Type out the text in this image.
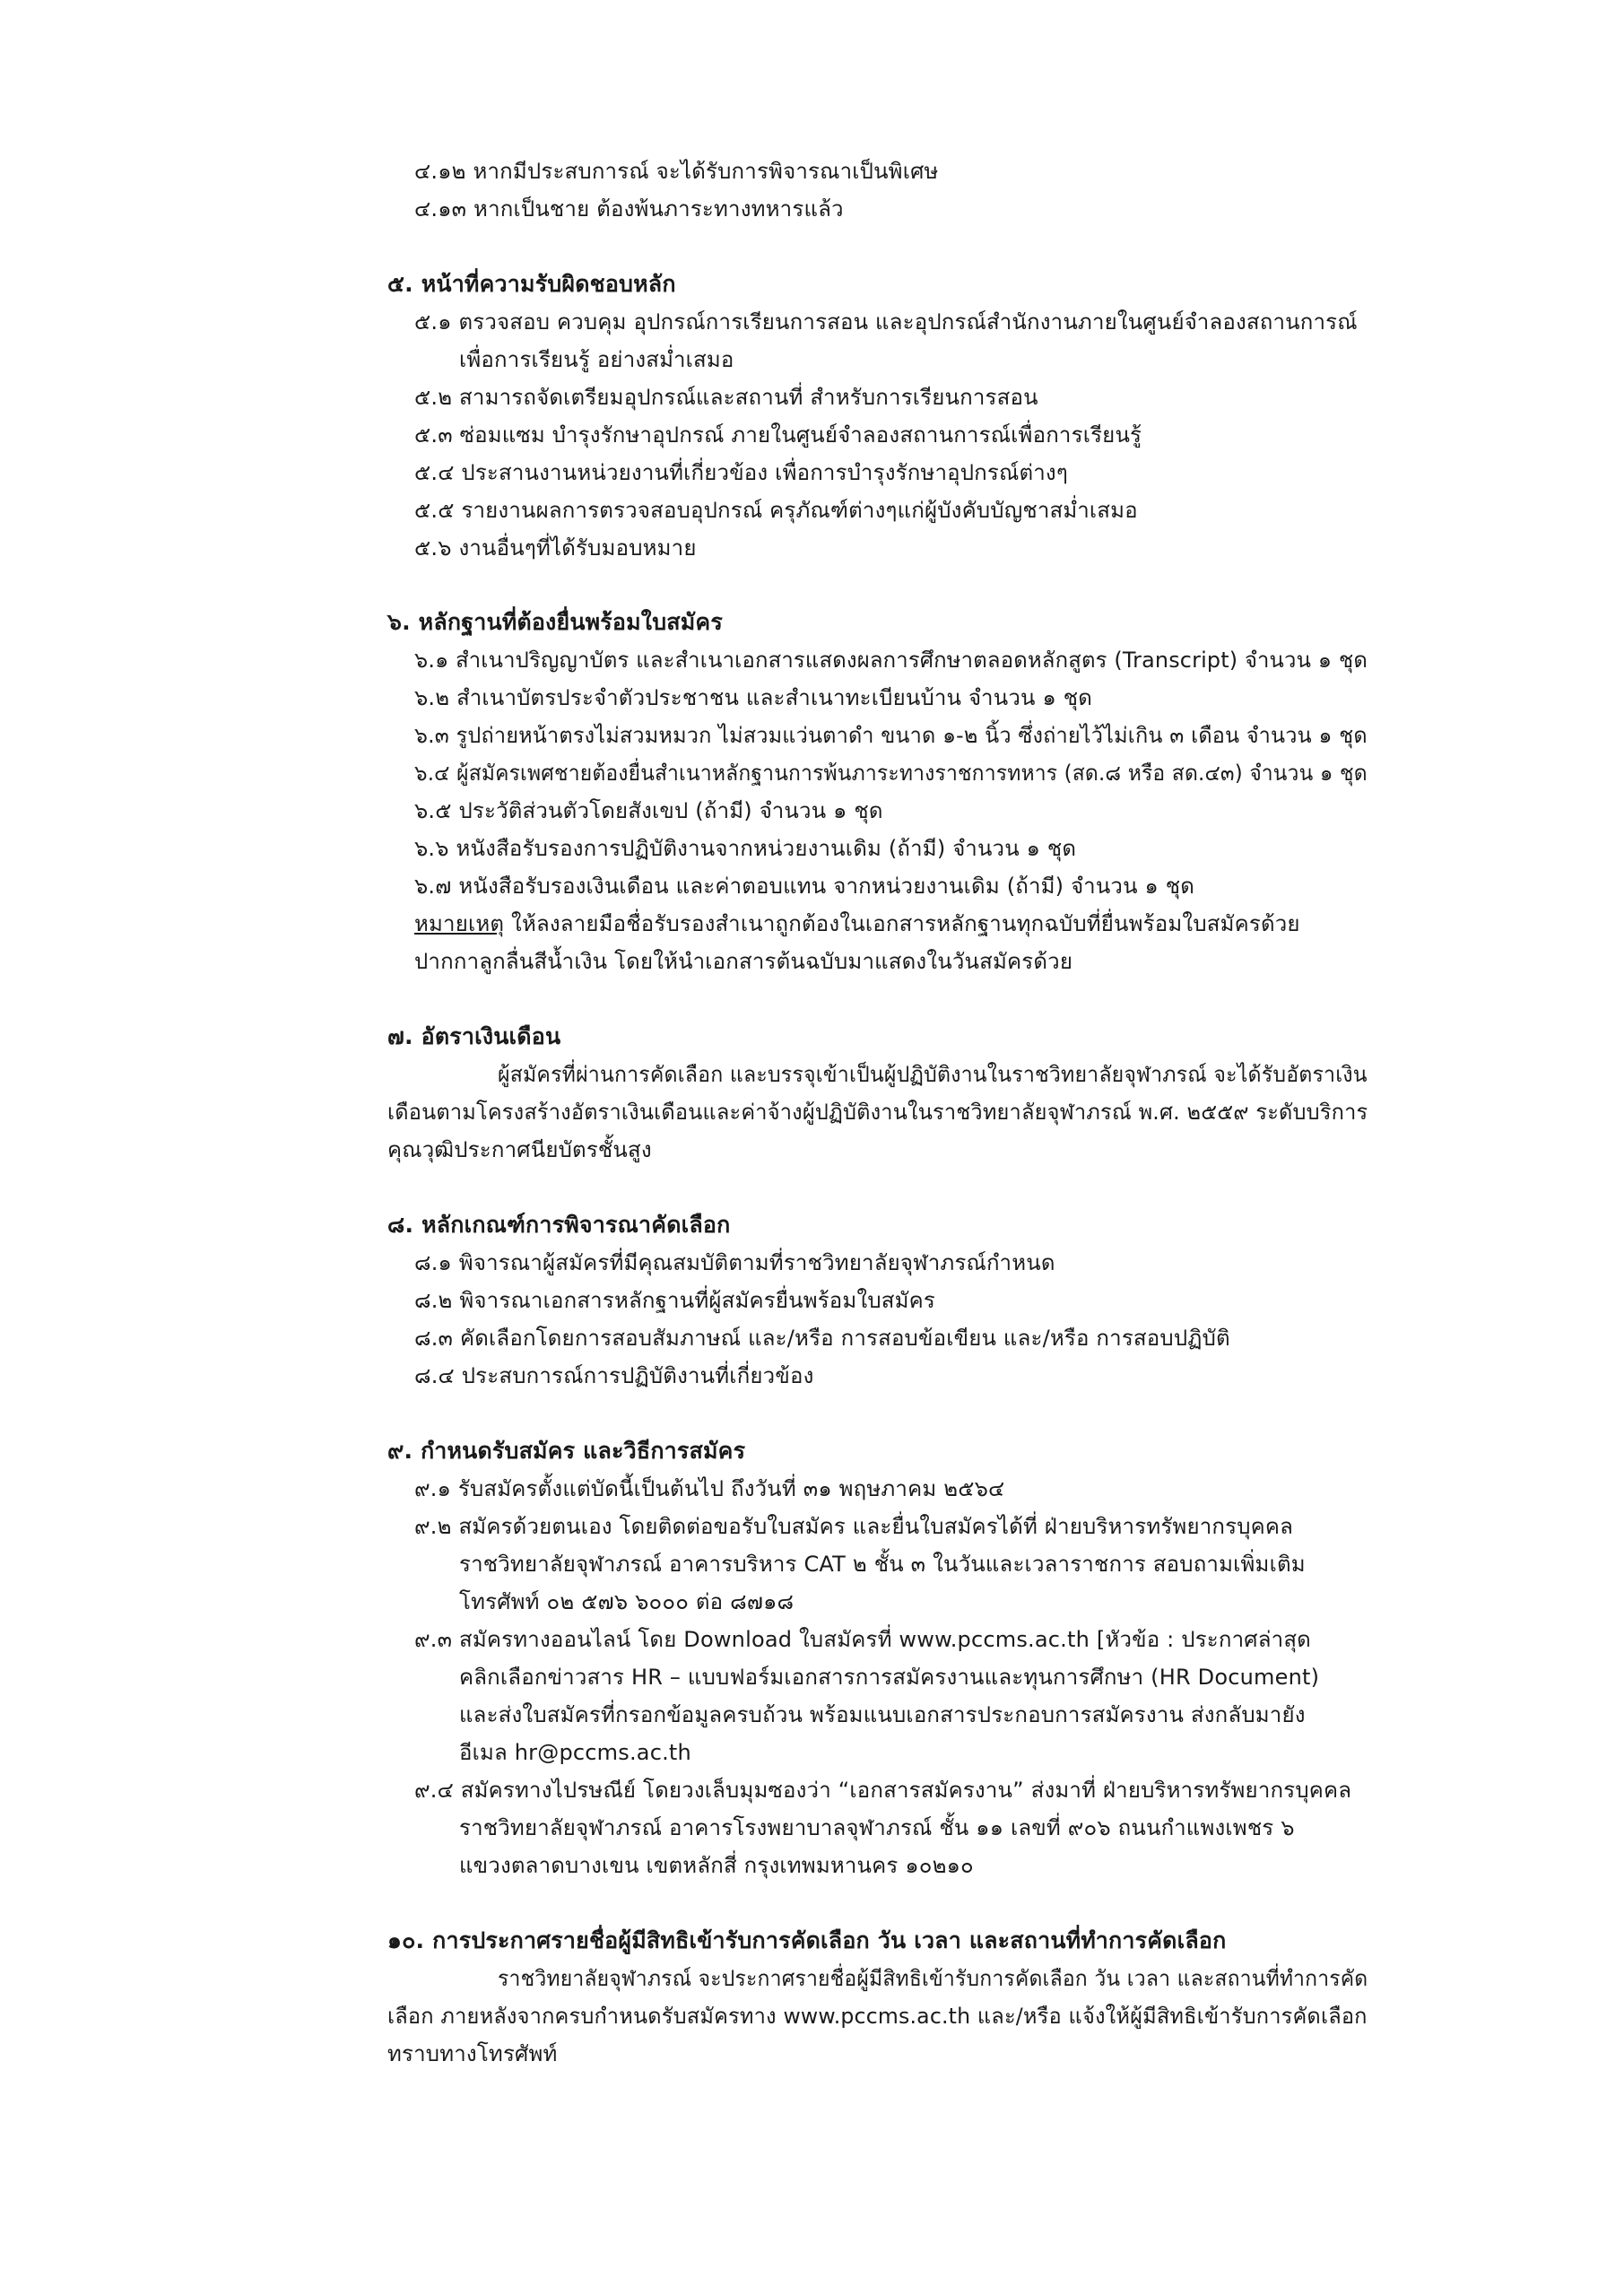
๔.๑๒ หากมีประสบการณ์ จะได้รับการพิจารณาเป็นพิเศษ
๔.๑๓ หากเป็นชาย ต้องพ้นภาระทางทหารแล้ว
๕. หน้าที่ความรับผิดชอบหลัก
๕.๑ ตรวจสอบ ควบคุม อุปกรณ์การเรียนการสอน และอุปกรณ์สำนักงานภายในศูนย์จำลองสถานการณ์
เพื่อการเรียนรู้ อย่างสม่ำเสมอ
๕.๒ สามารถจัดเตรียมอุปกรณ์และสถานที่ สำหรับการเรียนการสอน
๕.๓ ซ่อมแซม บำรุงรักษาอุปกรณ์ ภายในศูนย์จำลองสถานการณ์เพื่อการเรียนรู้
๕.๔ ประสานงานหน่วยงานที่เกี่ยวข้อง เพื่อการบำรุงรักษาอุปกรณ์ต่างๆ
๕.๕ รายงานผลการตรวจสอบอุปกรณ์ ครุภัณฑ์ต่างๆแก่ผู้บังคับบัญชาสม่ำเสมอ
๕.๖ งานอื่นๆที่ได้รับมอบหมาย
๖. หลักฐานที่ต้องยื่นพร้อมใบสมัคร
๖.๑ สำเนาปริญญาบัตร และสำเนาเอกสารแสดงผลการศึกษาตลอดหลักสูตร (Transcript) จำนวน ๑ ชุด
๖.๒ สำเนาบัตรประจำตัวประชาชน และสำเนาทะเบียนบ้าน จำนวน ๑ ชุด
๖.๓ รูปถ่ายหน้าตรงไม่สวมหมวก ไม่สวมแว่นตาดำ ขนาด ๑-๒ นิ้ว ซึ่งถ่ายไว้ไม่เกิน ๓ เดือน จำนวน ๑ ชุด
๖.๔ ผู้สมัครเพศชายต้องยื่นสำเนาหลักฐานการพ้นภาระทางราชการทหาร (สด.๘ หรือ สด.๔๓) จำนวน ๑ ชุด
๖.๕ ประวัติส่วนตัวโดยสังเขป (ถ้ามี) จำนวน ๑ ชุด
๖.๖ หนังสือรับรองการปฏิบัติงานจากหน่วยงานเดิม (ถ้ามี) จำนวน ๑ ชุด
๖.๗ หนังสือรับรองเงินเดือน และค่าตอบแทน จากหน่วยงานเดิม (ถ้ามี) จำนวน ๑ ชุด
หมายเหตุ ให้ลงลายมือชื่อรับรองสำเนาถูกต้องในเอกสารหลักฐานทุกฉบับที่ยื่นพร้อมใบสมัครด้วย
ปากกาลูกลื่นสีน้ำเงิน โดยให้นำเอกสารต้นฉบับมาแสดงในวันสมัครด้วย
๗. อัตราเงินเดือน
ผู้สมัครที่ผ่านการคัดเลือก และบรรจุเข้าเป็นผู้ปฏิบัติงานในราชวิทยาลัยจุฬาภรณ์ จะได้รับอัตราเงิน
เดือนตามโครงสร้างอัตราเงินเดือนและค่าจ้างผู้ปฏิบัติงานในราชวิทยาลัยจุฬาภรณ์ พ.ศ. ๒๕๕๙ ระดับบริการ
คุณวุฒิประกาศนียบัตรชั้นสูง
๘. หลักเกณฑ์การพิจารณาคัดเลือก
๘.๑ พิจารณาผู้สมัครที่มีคุณสมบัติตามที่ราชวิทยาลัยจุฬาภรณ์กำหนด
๘.๒ พิจารณาเอกสารหลักฐานที่ผู้สมัครยื่นพร้อมใบสมัคร
๘.๓ คัดเลือกโดยการสอบสัมภาษณ์ และ/หรือ การสอบข้อเขียน และ/หรือ การสอบปฏิบัติ
๘.๔ ประสบการณ์การปฏิบัติงานที่เกี่ยวข้อง
๙. กำหนดรับสมัคร และวิธีการสมัคร
๙.๑ รับสมัครตั้งแต่บัดนี้เป็นต้นไป ถึงวันที่ ๓๑ พฤษภาคม ๒๕๖๔
๙.๒ สมัครด้วยตนเอง โดยติดต่อขอรับใบสมัคร และยื่นใบสมัครได้ที่ ฝ่ายบริหารทรัพยากรบุคคล
ราชวิทยาลัยจุฬาภรณ์ อาคารบริหาร CAT ๒ ชั้น ๓ ในวันและเวลาราชการ สอบถามเพิ่มเติม
โทรศัพท์ ๐๒ ๕๗๖ ๖๐๐๐ ต่อ ๘๗๑๘
๙.๓ สมัครทางออนไลน์ โดย Download ใบสมัครที่ www.pccms.ac.th [หัวข้อ : ประกาศล่าสุด
คลิกเลือกข่าวสาร HR – แบบฟอร์มเอกสารการสมัครงานและทุนการศึกษา (HR Document)
และส่งใบสมัครที่กรอกข้อมูลครบถ้วน พร้อมแนบเอกสารประกอบการสมัครงาน ส่งกลับมายัง
อีเมล hr@pccms.ac.th
๙.๔ สมัครทางไปรษณีย์ โดยวงเล็บมุมซองว่า “เอกสารสมัครงาน” ส่งมาที่ ฝ่ายบริหารทรัพยากรบุคคล
ราชวิทยาลัยจุฬาภรณ์ อาคารโรงพยาบาลจุฬาภรณ์ ชั้น ๑๑ เลขที่ ๙๐๖ ถนนกำแพงเพชร ๖
แขวงตลาดบางเขน เขตหลักสี่ กรุงเทพมหานคร ๑๐๒๑๐
๑๐. การประกาศรายชื่อผู้มีสิทธิเข้ารับการคัดเลือก วัน เวลา และสถานที่ทำการคัดเลือก
ราชวิทยาลัยจุฬาภรณ์ จะประกาศรายชื่อผู้มีสิทธิเข้ารับการคัดเลือก วัน เวลา และสถานที่ทำการคัด
เลือก ภายหลังจากครบกำหนดรับสมัครทาง www.pccms.ac.th และ/หรือ แจ้งให้ผู้มีสิทธิเข้ารับการคัดเลือก
ทราบทางโทรศัพท์
